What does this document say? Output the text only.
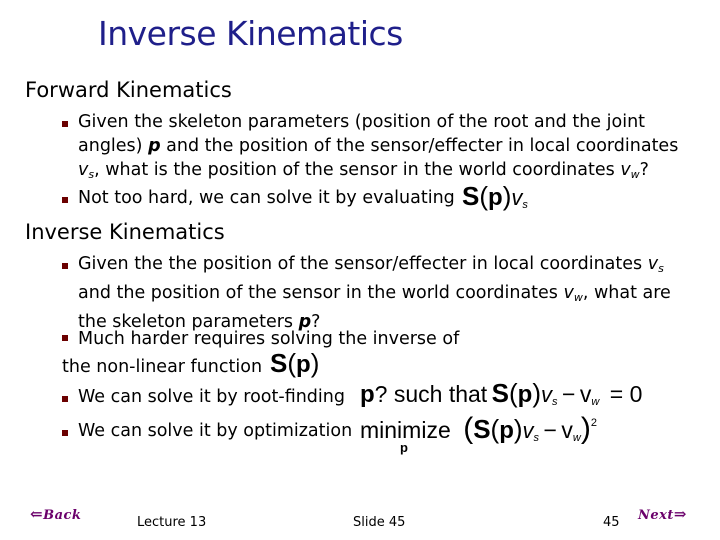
Inverse Kinematics
Forward Kinematics
Given the skeleton parameters (position of the root and the joint
angles) p and the position of the sensor/effecter in local coordinates
$v_s$, what is the position of the sensor in the world coordinates $v_w$?
Not too hard, we can solve it by evaluating $S(p)v_s$
Inverse Kinematics
Given the the position of the sensor/effecter in local coordinates $v_s$
and the position of the sensor in the world coordinates $v_w$, what are
the skeleton parameters p?
Much harder requires solving the inverse of
the non-linear function S(p)
We can solve it by root-finding p? such that $S(p)v_s - v_w = 0$
We can solve it by optimization minimize $(S(p)v_s - v_w)^2$
p
⇐Back	Lecture 13	Slide 45	45 Next⇒
